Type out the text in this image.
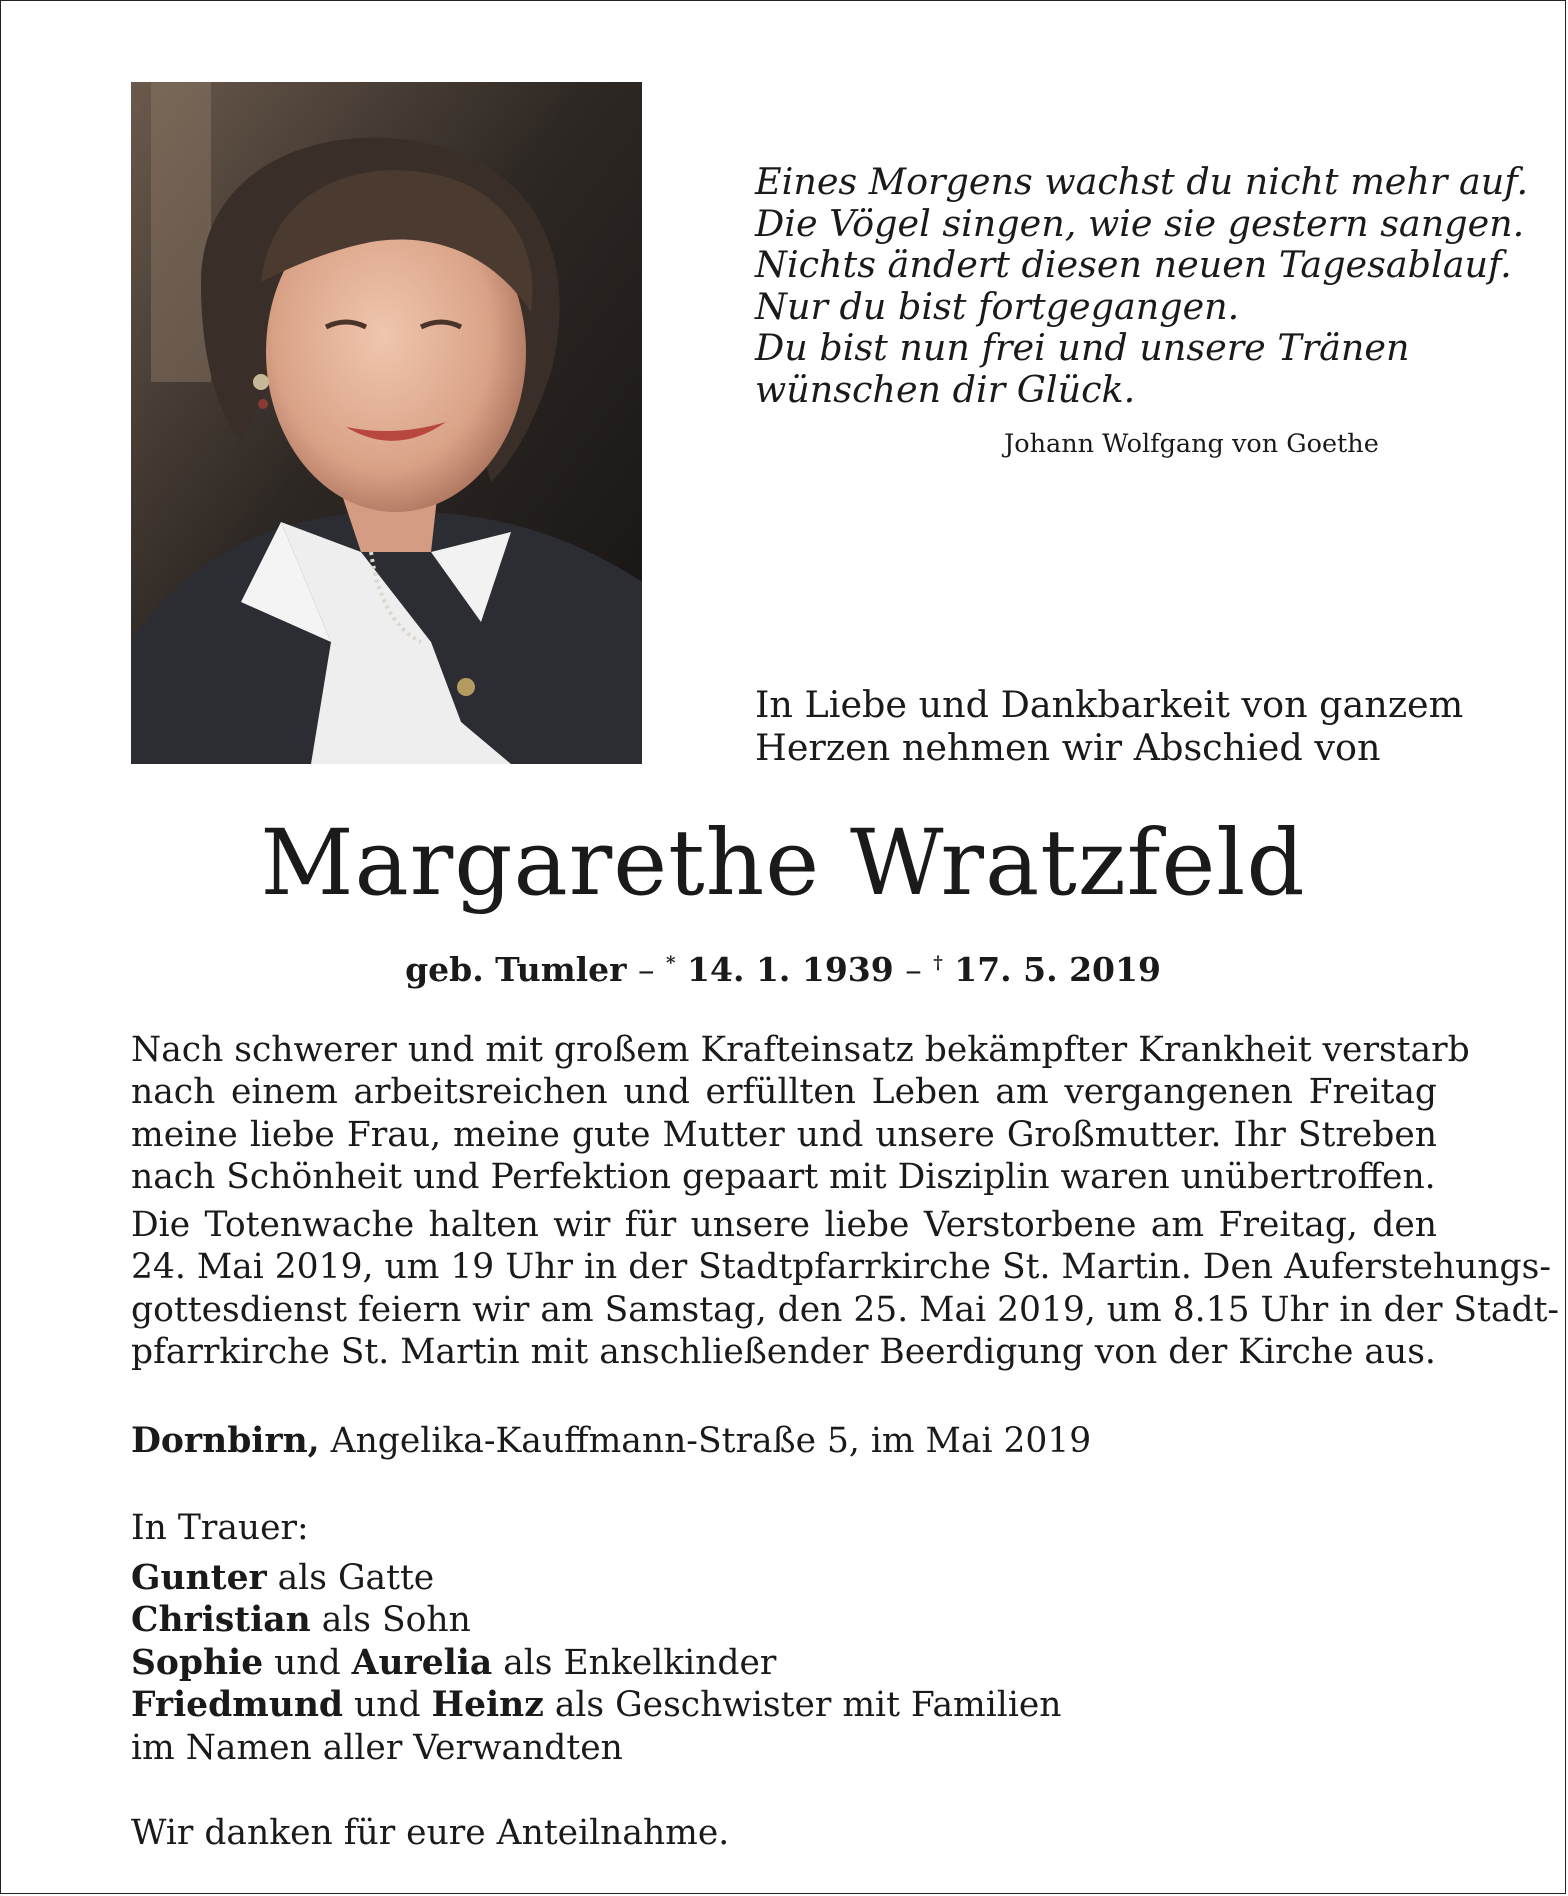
Eines Morgens wachst du nicht mehr auf.
Die Vögel singen, wie sie gestern sangen.
Nichts ändert diesen neuen Tagesablauf.
Nur du bist fortgegangen.
Du bist nun frei und unsere Tränen
wünschen dir Glück.
Johann Wolfgang von Goethe
In Liebe und Dankbarkeit von ganzem
Herzen nehmen wir Abschied von
Margarethe Wratzfeld
geb. Tumler – * 14. 1. 1939 – † 17. 5. 2019
Nach schwerer und mit großem Krafteinsatz bekämpfter Krankheit verstarb
nach einem arbeitsreichen und erfüllten Leben am vergangenen Freitag
meine liebe Frau, meine gute Mutter und unsere Großmutter. Ihr Streben
nach Schönheit und Perfektion gepaart mit Disziplin waren unübertroffen.
Die Totenwache halten wir für unsere liebe Verstorbene am Freitag, den
24. Mai 2019, um 19 Uhr in der Stadtpfarrkirche St. Martin. Den Auferstehungs-
gottesdienst feiern wir am Samstag, den 25. Mai 2019, um 8.15 Uhr in der Stadt-
pfarrkirche St. Martin mit anschließender Beerdigung von der Kirche aus.
Dornbirn, Angelika-Kauffmann-Straße 5, im Mai 2019
In Trauer:
Gunter als Gatte
Christian als Sohn
Sophie und Aurelia als Enkelkinder
Friedmund und Heinz als Geschwister mit Familien
im Namen aller Verwandten
Wir danken für eure Anteilnahme.
